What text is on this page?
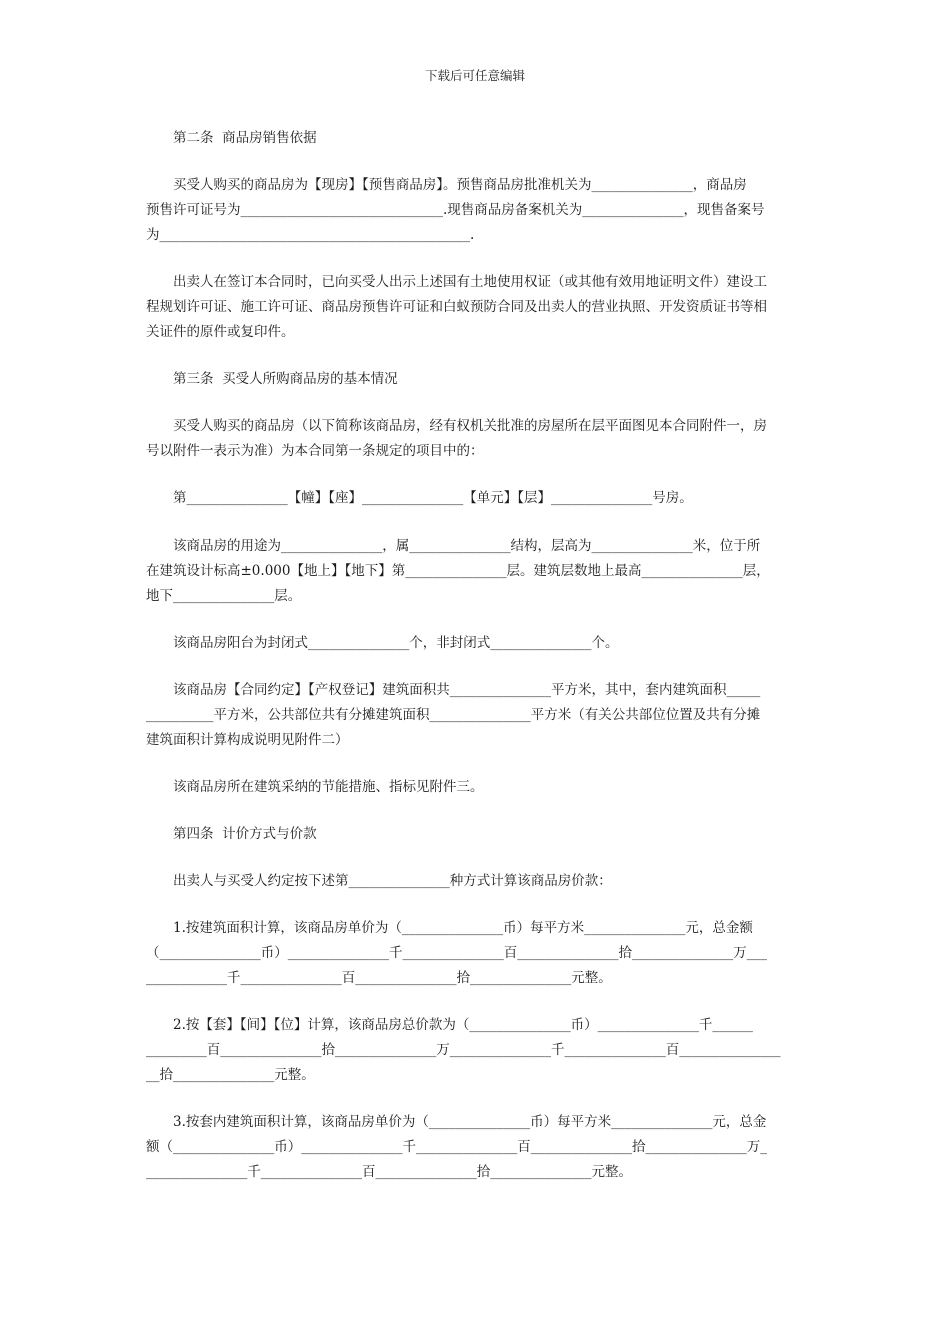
下载后可任意编辑
第二条  商品房销售依据
买受人购买的商品房为【现房】【预售商品房】。预售商品房批准机关为_______________，商品房
预售许可证号为______________________________.现售商品房备案机关为_______________，现售备案号
为______________________________________________.
出卖人在签订本合同时，已向买受人出示上述国有土地使用权证（或其他有效用地证明文件）建设工
程规划许可证、施工许可证、商品房预售许可证和白蚁预防合同及出卖人的营业执照、开发资质证书等相
关证件的原件或复印件。
第三条  买受人所购商品房的基本情况
买受人购买的商品房（以下简称该商品房，经有权机关批准的房屋所在层平面图见本合同附件一，房
号以附件一表示为准）为本合同第一条规定的项目中的：
第_______________【幢】【座】_______________【单元】【层】_______________号房。
该商品房的用途为_______________，属_______________结构，层高为_______________米，位于所
在建筑设计标高±0.000【地上】【地下】第_______________层。建筑层数地上最高_______________层，
地下_______________层。
该商品房阳台为封闭式_______________个，非封闭式_______________个。
该商品房【合同约定】【产权登记】建筑面积共_______________平方米，其中，套内建筑面积_____
__________平方米，公共部位共有分摊建筑面积_______________平方米（有关公共部位位置及共有分摊
建筑面积计算构成说明见附件二）
该商品房所在建筑采纳的节能措施、指标见附件三。
第四条  计价方式与价款
出卖人与买受人约定按下述第_______________种方式计算该商品房价款：
1.按建筑面积计算，该商品房单价为（_______________币）每平方米_______________元，总金额
（_______________币）_______________千_______________百_______________拾_______________万___
____________千_______________百_______________拾_______________元整。
2.按【套】【间】【位】计算，该商品房总价款为（_______________币）_______________千______
_________百_______________拾_______________万_______________千_______________百_______________
__拾_______________元整。
3.按套内建筑面积计算，该商品房单价为（_______________币）每平方米_______________元，总金
额（_______________币）_______________千_______________百_______________拾_______________万_
_______________千_______________百_______________拾_______________元整。
